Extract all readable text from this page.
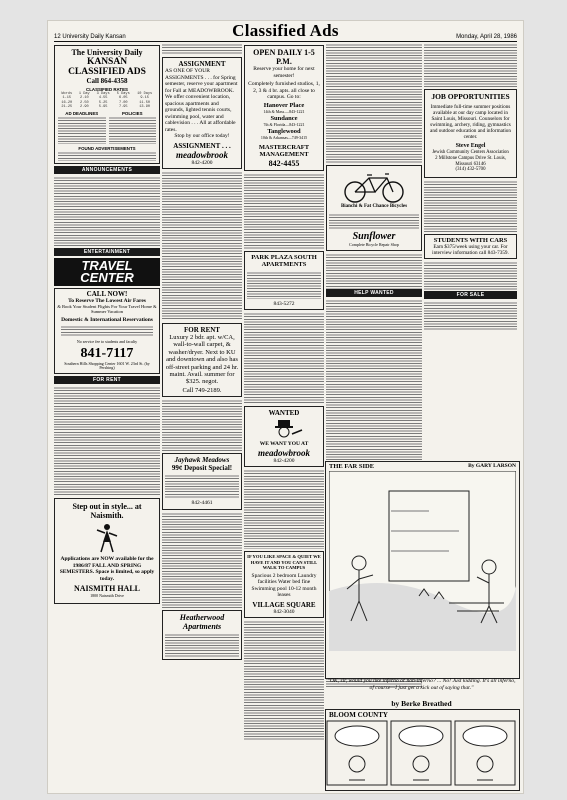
12 University Daily Kansan	Classified Ads	Monday, April 28, 1986
The University Daily
KANSAN CLASSIFIED ADS
Call 864-4358
CLASSIFIED RATES
Words	1 Day	3 Days	5 Days	10 Days
1-15	2.10	4.55	6.05	9.15
16-20	2.50	5.25	7.00	11.50
21-25	2.90	5.95	7.95	13.90
AD DEADLINES	POLICIES
FOUND ADVERTISEMENTS
ANNOUNCEMENTS
ENTERTAINMENT
TRAVEL CENTER
CALL NOW!
To Reserve The Lowest Air Fares
& Book Your Student Flights For Your Travel Home & Summer Vacation
Domestic & International Reservations
No service fee to students and faculty
841-7117
Southern Hills Shopping Center 1601 W. 23rd St. (by Pershing)
FOR RENT
Step out in style... at Naismith.
Applications are NOW available for the 1986/87 FALL AND SPRING SEMESTERS. Space is limited, so apply today.
NAISMITH HALL
1800 Naismith Drive
ASSIGNMENT
AS ONE OF YOUR ASSIGNMENTS . . . for Spring semester, reserve your apartment for Fall at MEADOWBROOK. We offer convenient location, spacious apartments and grounds, lighted tennis courts, swimming pool, water and cablevision . . . All at affordable rates.
Stop by our office today!
ASSIGNMENT . . .
meadowbrook
842-4200
FOR RENT
Luxury 2 bdr. apt. w/CA, wall-to-wall carpet, & washer/dryer. Next to KU and downtown and also has off-street parking and 24 hr. maint. Avail. summer for $325. negot.
Call 749-2189.
Jayhawk Meadows
99¢ Deposit Special!
842-4461
Heatherwood Apartments
OPEN DAILY 1-5 P.M.
Reserve your home for next semester!
Completely furnished studios, 1, 2, 3 & 4 br. apts. all close to campus. Go to:
Hanover Place
14th & Mass.—843-1221
Sundance
7th & Florida—843-1221
Tanglewood
10th & Arkansas—749-3415
MASTERCRAFT MANAGEMENT
842-4455
PARK PLAZA SOUTH APARTMENTS
843-5272
WANTED
WE WANT YOU AT
meadowbrook
842-4200
IF YOU LIKE SPACE & QUIET WE HAVE IT AND YOU CAN STILL WALK TO CAMPUS
Spacious 2 bedroom Laundry facilities Water bed fine Swimming pool 10-12 month leases
VILLAGE SQUARE
842-3040
Bianchi & Fat Chance Bicycles
Sunflower
Complete Bicycle Repair Shop
HELP WANTED
JOB OPPORTUNITIES
Immediate full-time summer positions available at our day camp located in Saint Louis, Missouri. Counselors for swimming, archery, riding, gymnastics and outdoor education and information center.
Steve Engel
Jewish Community Centers Association
2 Millstone Campus Drive St. Louis, Missouri 63146
(314) 432-5700
STUDENTS WITH CARS
Earn $375/week using your car. For interview information call 843-7359.
FOR SALE
THE FAR SIDE	By GARY LARSON
"OK, sir, would you like inferno or non-inferno? ... No! Just kidding. It's all inferno, of course—I just get a kick out of saying that."
by Berke Breathed
BLOOM COUNTY
